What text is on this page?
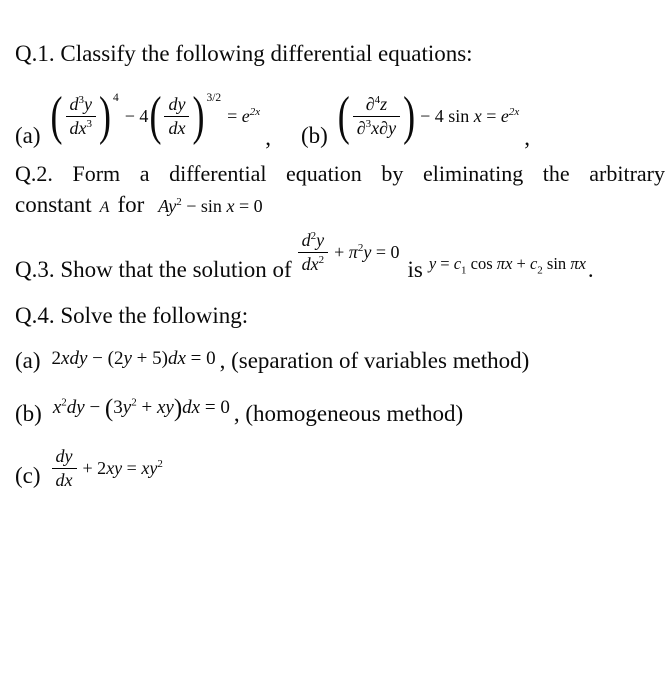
Q.1. Classify the following differential equations:
(a) ( $\frac{d^3y}{dx^3}$ ) 4
− 4 ( $\frac{dy}{dx}$ ) 3/2
= $e^{2x}$
, (b) ( $\frac{\partial^4z}{\partial^3x\partial y}$ ) − 4 $\sin x = e^{2x}$
,
Q.2. Form a differential equation by eliminating the arbitrary
constant A for $Ay^2 - \sin x = 0$
Q.3. Show that the solution of $\frac{d^2y}{dx^2} + \pi^2y = 0$
is $y = c_1$ $\cos \pi x + c_2$ sin πx .
Q.4. Solve the following:
(a) 2xdy − (2y + 5)dx = 0 , (separation of variables method)
(b) $x^2dy - (3y^2 + xy)dx = 0$ , (homogeneous method)
$(c) \frac{dy}{dx} + 2xy = xy^2$
